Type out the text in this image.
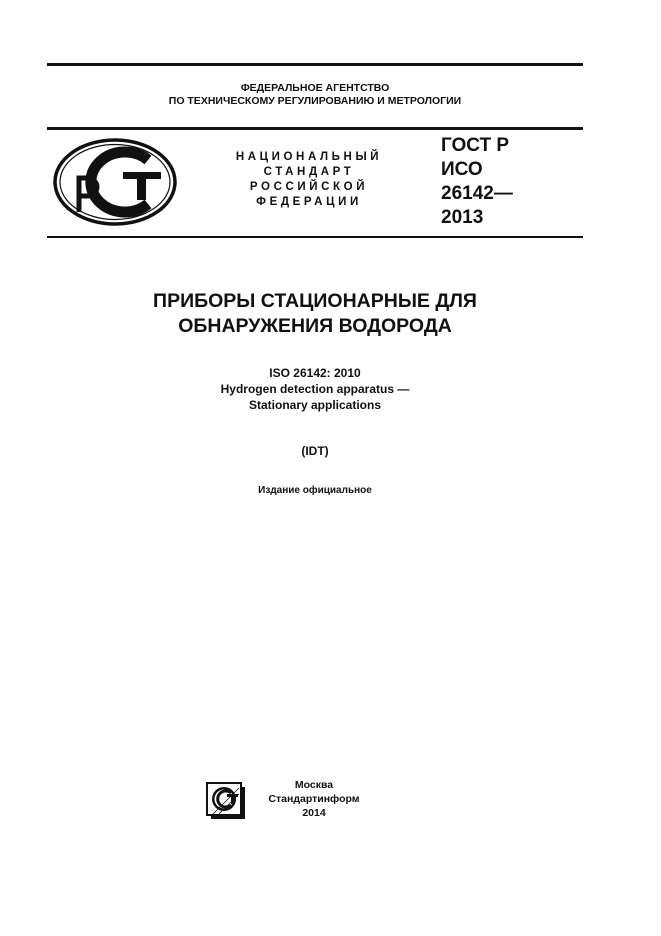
ФЕДЕРАЛЬНОЕ АГЕНТСТВО
ПО ТЕХНИЧЕСКОМУ РЕГУЛИРОВАНИЮ И МЕТРОЛОГИИ
НАЦИОНАЛЬНЫЙ
СТАНДАРТ
РОССИЙСКОЙ
ФЕДЕРАЦИИ
ГОСТ Р
ИСО
26142—
2013
ПРИБОРЫ СТАЦИОНАРНЫЕ ДЛЯ
ОБНАРУЖЕНИЯ ВОДОРОДА
ISO 26142: 2010
Hydrogen detection apparatus —
Stationary applications
(IDT)
Издание официальное
Москва
Стандартинформ
2014
